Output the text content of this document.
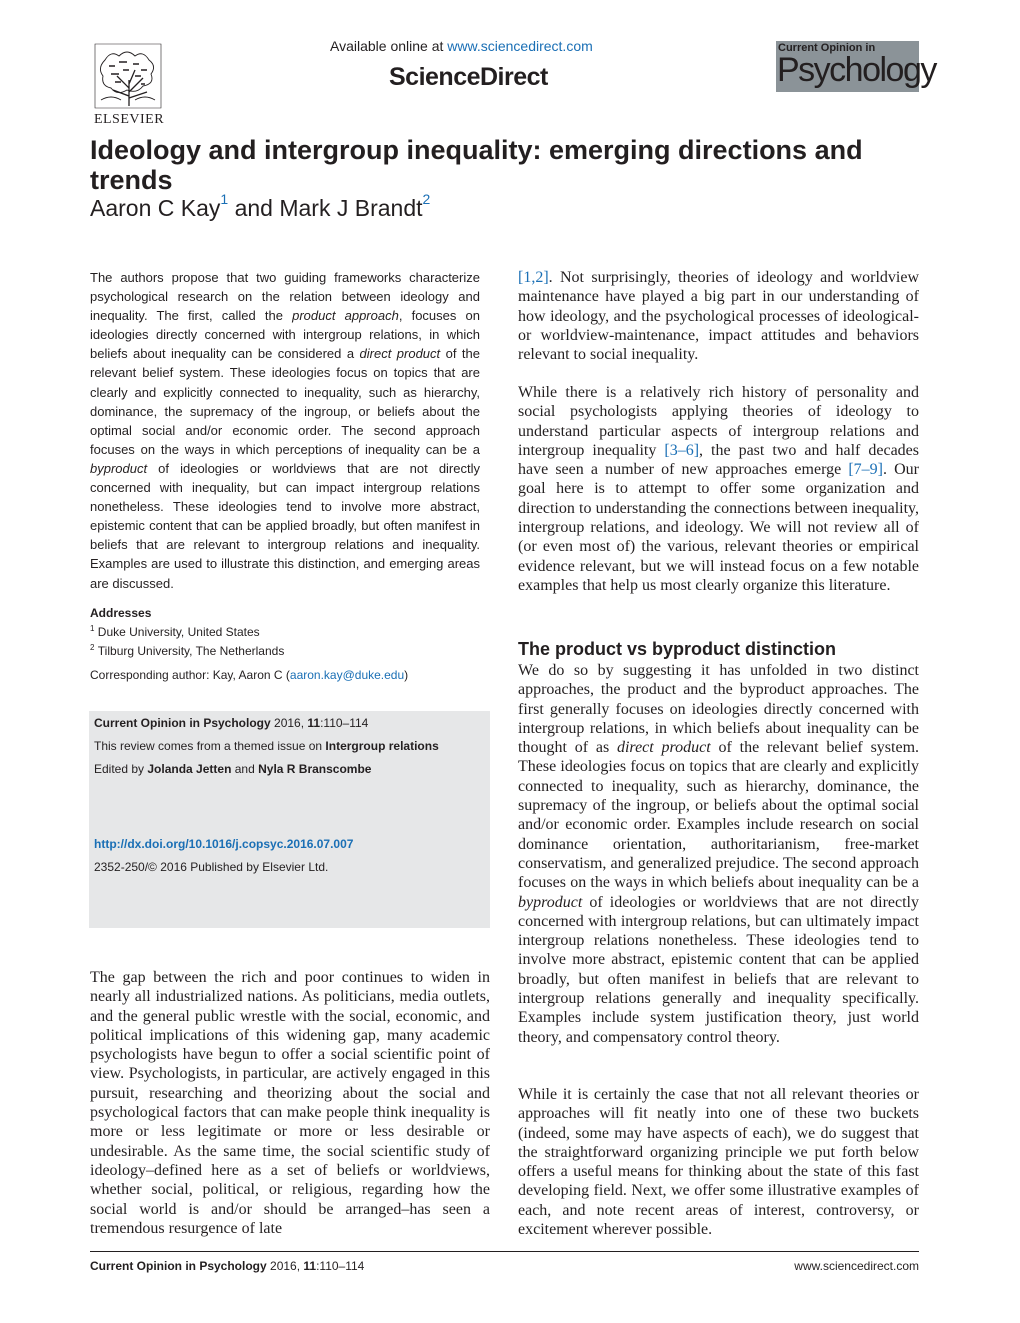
ELSEVIER
Available online at www.sciencedirect.com
ScienceDirect
Current Opinion in
Psychology
Ideology and intergroup inequality: emerging directions and trends
Aaron C Kay$^1$ and Mark J Brandt$^2$
The authors propose that two guiding frameworks characterize psychological research on the relation between ideology and inequality. The first, called the product approach, focuses on ideologies directly concerned with intergroup relations, in which beliefs about inequality can be considered a direct product of the relevant belief system. These ideologies focus on topics that are clearly and explicitly connected to inequality, such as hierarchy, dominance, the supremacy of the ingroup, or beliefs about the optimal social and/or economic order. The second approach focuses on the ways in which perceptions of inequality can be a byproduct of ideologies or worldviews that are not directly concerned with inequality, but can impact intergroup relations nonetheless. These ideologies tend to involve more abstract, epistemic content that can be applied broadly, but often manifest in beliefs that are relevant to intergroup relations and inequality. Examples are used to illustrate this distinction, and emerging areas are discussed.
Addresses
$^1$ Duke University, United States
$^2$ Tilburg University, The Netherlands
Corresponding author: Kay, Aaron C (aaron.kay@duke.edu)
Current Opinion in Psychology 2016, 11:110–114
This review comes from a themed issue on Intergroup relations
Edited by Jolanda Jetten and Nyla R Branscombe
http://dx.doi.org/10.1016/j.copsyc.2016.07.007
2352-250/© 2016 Published by Elsevier Ltd.
The gap between the rich and poor continues to widen in nearly all industrialized nations. As politicians, media outlets, and the general public wrestle with the social, economic, and political implications of this widening gap, many academic psychologists have begun to offer a social scientific point of view. Psychologists, in particular, are actively engaged in this pursuit, researching and theorizing about the social and psychological factors that can make people think inequality is more or less legitimate or more or less desirable or undesirable. As the same time, the social scientific study of ideology–defined here as a set of beliefs or worldviews, whether social, political, or religious, regarding how the social world is and/or should be arranged–has seen a tremendous resurgence of late
[1,2]. Not surprisingly, theories of ideology and worldview maintenance have played a big part in our understanding of how ideology, and the psychological processes of ideological- or worldview-maintenance, impact attitudes and behaviors relevant to social inequality.
While there is a relatively rich history of personality and social psychologists applying theories of ideology to understand particular aspects of intergroup relations and intergroup inequality [3–6], the past two and half decades have seen a number of new approaches emerge [7–9]. Our goal here is to attempt to offer some organization and direction to understanding the connections between inequality, intergroup relations, and ideology. We will not review all of (or even most of) the various, relevant theories or empirical evidence relevant, but we will instead focus on a few notable examples that help us most clearly organize this literature.
The product vs byproduct distinction
We do so by suggesting it has unfolded in two distinct approaches, the product and the byproduct approaches. The first generally focuses on ideologies directly concerned with intergroup relations, in which beliefs about inequality can be thought of as direct product of the relevant belief system. These ideologies focus on topics that are clearly and explicitly connected to inequality, such as hierarchy, dominance, the supremacy of the ingroup, or beliefs about the optimal social and/or economic order. Examples include research on social dominance orientation, authoritarianism, free-market conservatism, and generalized prejudice. The second approach focuses on the ways in which beliefs about inequality can be a byproduct of ideologies or worldviews that are not directly concerned with intergroup relations, but can ultimately impact intergroup relations nonetheless. These ideologies tend to involve more abstract, epistemic content that can be applied broadly, but often manifest in beliefs that are relevant to intergroup relations generally and inequality specifically. Examples include system justification theory, just world theory, and compensatory control theory.
While it is certainly the case that not all relevant theories or approaches will fit neatly into one of these two buckets (indeed, some may have aspects of each), we do suggest that the straightforward organizing principle we put forth below offers a useful means for thinking about the state of this fast developing field. Next, we offer some illustrative examples of each, and note recent areas of interest, controversy, or excitement wherever possible.
Current Opinion in Psychology 2016, 11:110–114	www.sciencedirect.com
